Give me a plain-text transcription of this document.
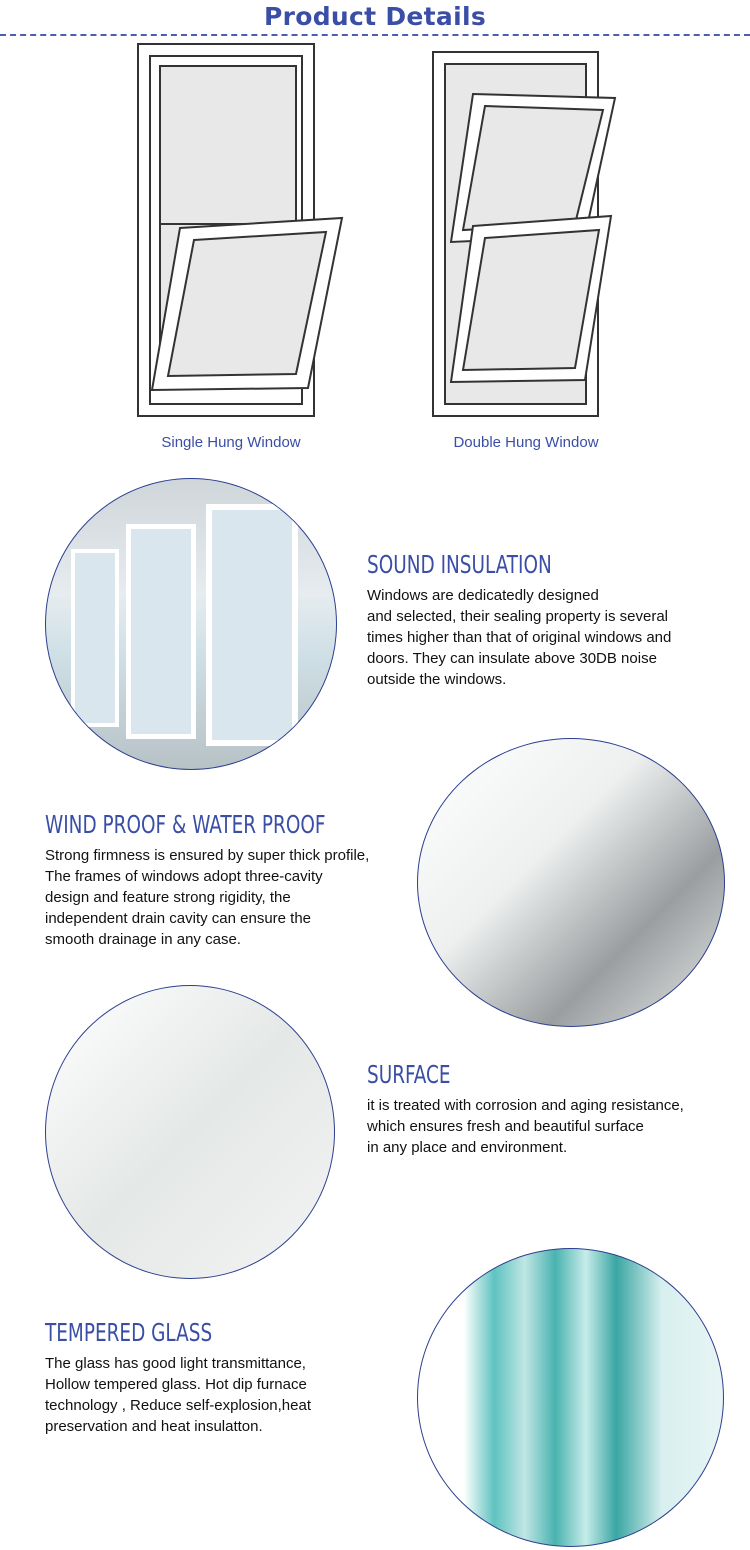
Product Details
Single Hung Window	Double Hung Window
SOUND INSULATION
Windows are dedicatedly designed
and selected, their sealing property is several
times higher than that of original windows and
doors. They can insulate above 30DB noise
outside the windows.
WIND PROOF & WATER PROOF
Strong firmness is ensured by super thick profile,
The frames of windows adopt three-cavity
design and feature strong rigidity, the
independent drain cavity can ensure the
smooth drainage in any case.
SURFACE
it is treated with corrosion and aging resistance,
which ensures fresh and beautiful surface
in any place and environment.
TEMPERED GLASS
The glass has good light transmittance,
Hollow tempered glass. Hot dip furnace
technology , Reduce self-explosion,heat
preservation and heat insulatton.
